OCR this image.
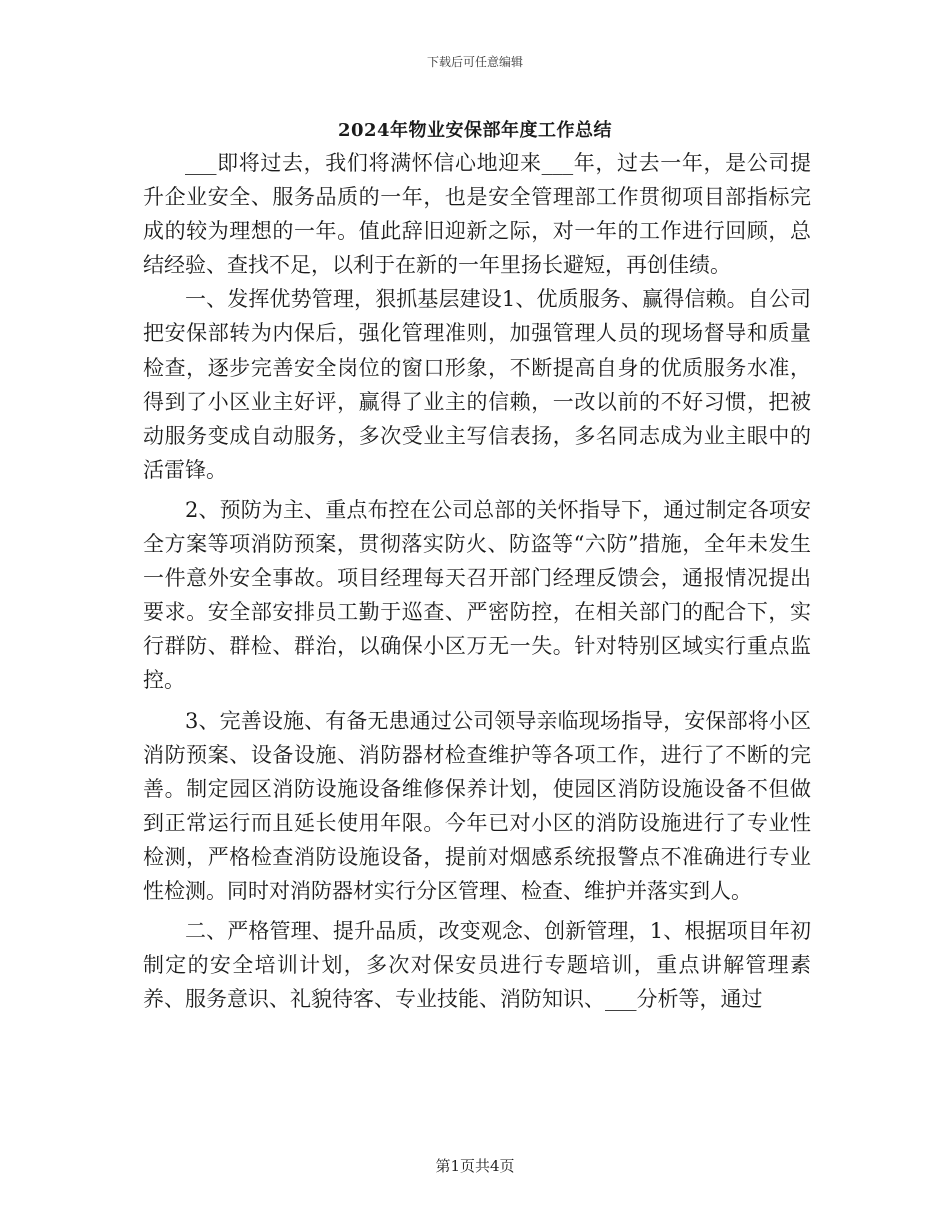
下载后可任意编辑
2024年物业安保部年度工作总结

___即将过去，我们将满怀信心地迎来___年，过去一年，是公司提升企业安全、服务品质的一年，也是安全管理部工作贯彻项目部指标完成的较为理想的一年。值此辞旧迎新之际，对一年的工作进行回顾，总结经验、查找不足，以利于在新的一年里扬长避短，再创佳绩。

一、发挥优势管理，狠抓基层建设1、优质服务、赢得信赖。自公司把安保部转为内保后，强化管理准则，加强管理人员的现场督导和质量检查，逐步完善安全岗位的窗口形象，不断提高自身的优质服务水准，得到了小区业主好评，赢得了业主的信赖，一改以前的不好习惯，把被动服务变成自动服务，多次受业主写信表扬，多名同志成为业主眼中的活雷锋。

2、预防为主、重点布控在公司总部的关怀指导下，通过制定各项安全方案等项消防预案，贯彻落实防火、防盗等“六防”措施，全年未发生一件意外安全事故。项目经理每天召开部门经理反馈会，通报情况提出要求。安全部安排员工勤于巡查、严密防控，在相关部门的配合下，实行群防、群检、群治，以确保小区万无一失。针对特别区域实行重点监控。

3、完善设施、有备无患通过公司领导亲临现场指导，安保部将小区消防预案、设备设施、消防器材检查维护等各项工作，进行了不断的完善。制定园区消防设施设备维修保养计划，使园区消防设施设备不但做到正常运行而且延长使用年限。今年已对小区的消防设施进行了专业性检测，严格检查消防设施设备，提前对烟感系统报警点不准确进行专业性检测。同时对消防器材实行分区管理、检查、维护并落实到人。

二、严格管理、提升品质，改变观念、创新管理，1、根据项目年初制定的安全培训计划，多次对保安员进行专题培训，重点讲解管理素养、服务意识、礼貌待客、专业技能、消防知识、___分析等，通过

第1页共4页
